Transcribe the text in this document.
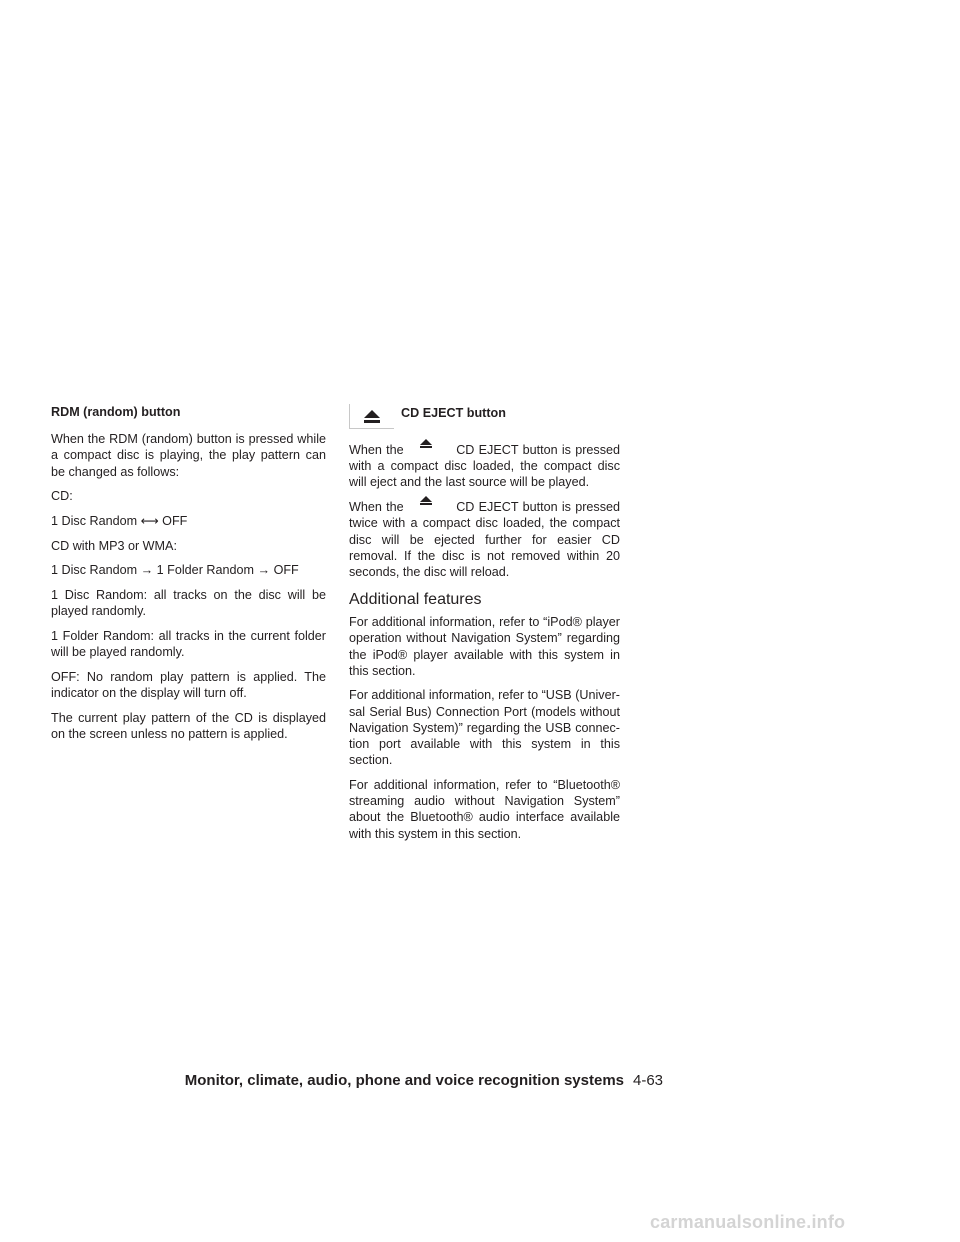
RDM (random) button
When the RDM (random) button is pressed while a compact disc is playing, the play pattern can be changed as follows:
CD:
1 Disc Random ⟷ OFF
CD with MP3 or WMA:
1 Disc Random → 1 Folder Random → OFF
1 Disc Random: all tracks on the disc will be played randomly.
1 Folder Random: all tracks in the current folder will be played randomly.
OFF: No random play pattern is applied. The indicator on the display will turn off.
The current play pattern of the CD is displayed on the screen unless no pattern is applied.
CD EJECT button
When the	CD EJECT button is pressed with a compact disc loaded, the compact disc will eject and the last source will be played.
When the	CD EJECT button is pressed twice with a compact disc loaded, the compact disc will be ejected further for easier CD removal. If the disc is not removed within 20 seconds, the disc will reload.
Additional features
For additional information, refer to “iPod® player operation without Navigation System” regarding the iPod® player available with this system in this section.
For additional information, refer to “USB (Univer- sal Serial Bus) Connection Port (models without Navigation System)” regarding the USB connec- tion port available with this system in this section.
For additional information, refer to “Bluetooth® streaming audio without Navigation System” about the Bluetooth® audio interface available with this system in this section.
Monitor, climate, audio, phone and voice recognition systems 4-63
carmanualsonline.info
